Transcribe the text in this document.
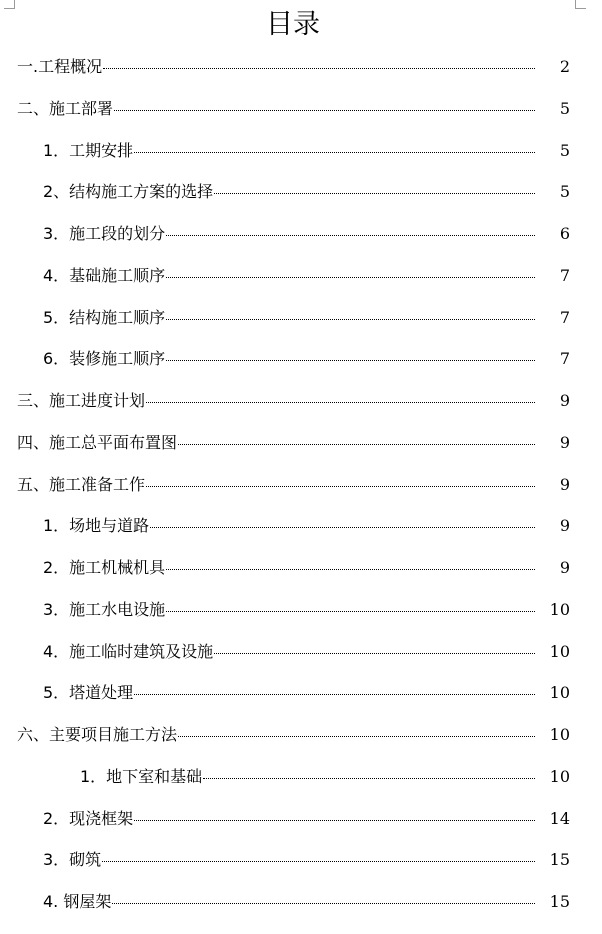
目录
一.工程概况	2
二、施工部署	5
1．工期安排	5
2、结构施工方案的选择	5
3．施工段的划分	6
4．基础施工顺序	7
5．结构施工顺序	7
6．装修施工顺序	7
三、施工进度计划	9
四、施工总平面布置图	9
五、施工准备工作	9
1．场地与道路	9
2．施工机械机具	9
3．施工水电设施	10
4．施工临时建筑及设施	10
5．塔道处理	10
六、主要项目施工方法	10
1．地下室和基础	10
2．现浇框架	14
3．砌筑	15
4. 钢屋架	15
